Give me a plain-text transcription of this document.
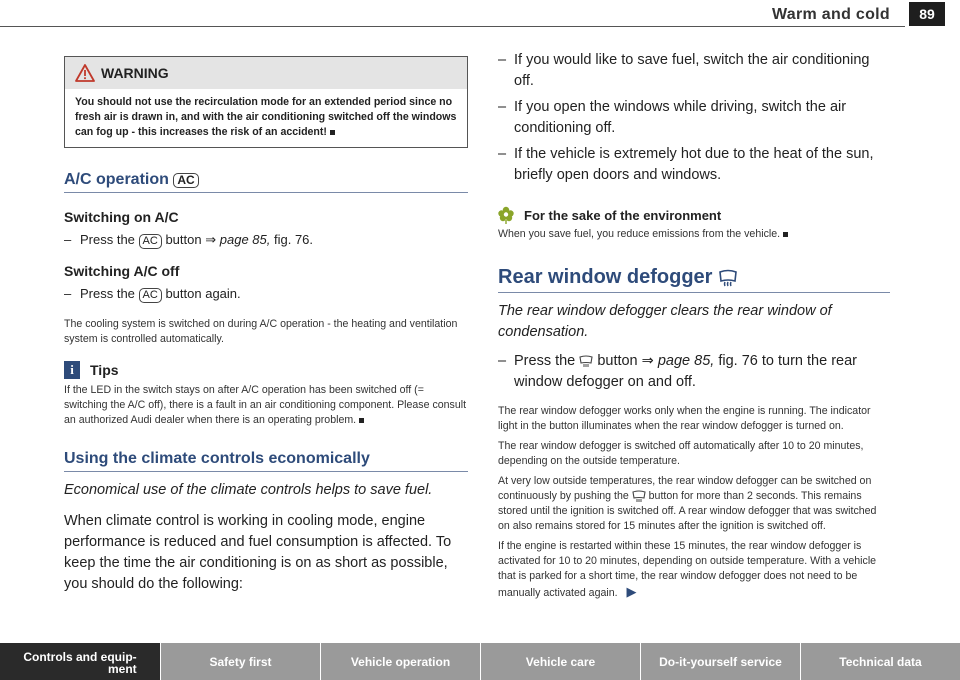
Warm and cold	89
WARNING
You should not use the recirculation mode for an extended period since no fresh air is drawn in, and with the air conditioning switched off the windows can fog up - this increases the risk of an accident!
A/C operation AC
Switching on A/C
– Press the AC button ⇒ page 85, fig. 76.
Switching A/C off
– Press the AC button again.
The cooling system is switched on during A/C operation - the heating and ventilation system is controlled automatically.
i	Tips
If the LED in the switch stays on after A/C operation has been switched off (= switching the A/C off), there is a fault in an air conditioning component. Please consult an authorized Audi dealer when there is an operating problem.
Using the climate controls economically
Economical use of the climate controls helps to save fuel.
When climate control is working in cooling mode, engine performance is reduced and fuel consumption is affected. To keep the time the air conditioning is on as short as possible, you should do the following:
– If you would like to save fuel, switch the air conditioning off.
– If you open the windows while driving, switch the air conditioning off.
– If the vehicle is extremely hot due to the heat of the sun, briefly open doors and windows.
For the sake of the environment
When you save fuel, you reduce emissions from the vehicle.
Rear window defogger
The rear window defogger clears the rear window of condensation.
– Press the button ⇒ page 85, fig. 76 to turn the rear window defogger on and off.
The rear window defogger works only when the engine is running. The indicator light in the button illuminates when the rear window defogger is turned on.
The rear window defogger is switched off automatically after 10 to 20 minutes, depending on the outside temperature.
At very low outside temperatures, the rear window defogger can be switched on continuously by pushing the button for more than 2 seconds. This remains stored until the ignition is switched off. A rear window defogger that was switched on also remains stored for 15 minutes after the ignition is switched off.
If the engine is restarted within these 15 minutes, the rear window defogger is activated for 10 to 20 minutes, depending on outside temperature. With a vehicle that is parked for a short time, the rear window defogger does not need to be manually activated again. ▶
Controls and equip-
ment	Safety first	Vehicle operation	Vehicle care	Do-it-yourself service	Technical data
